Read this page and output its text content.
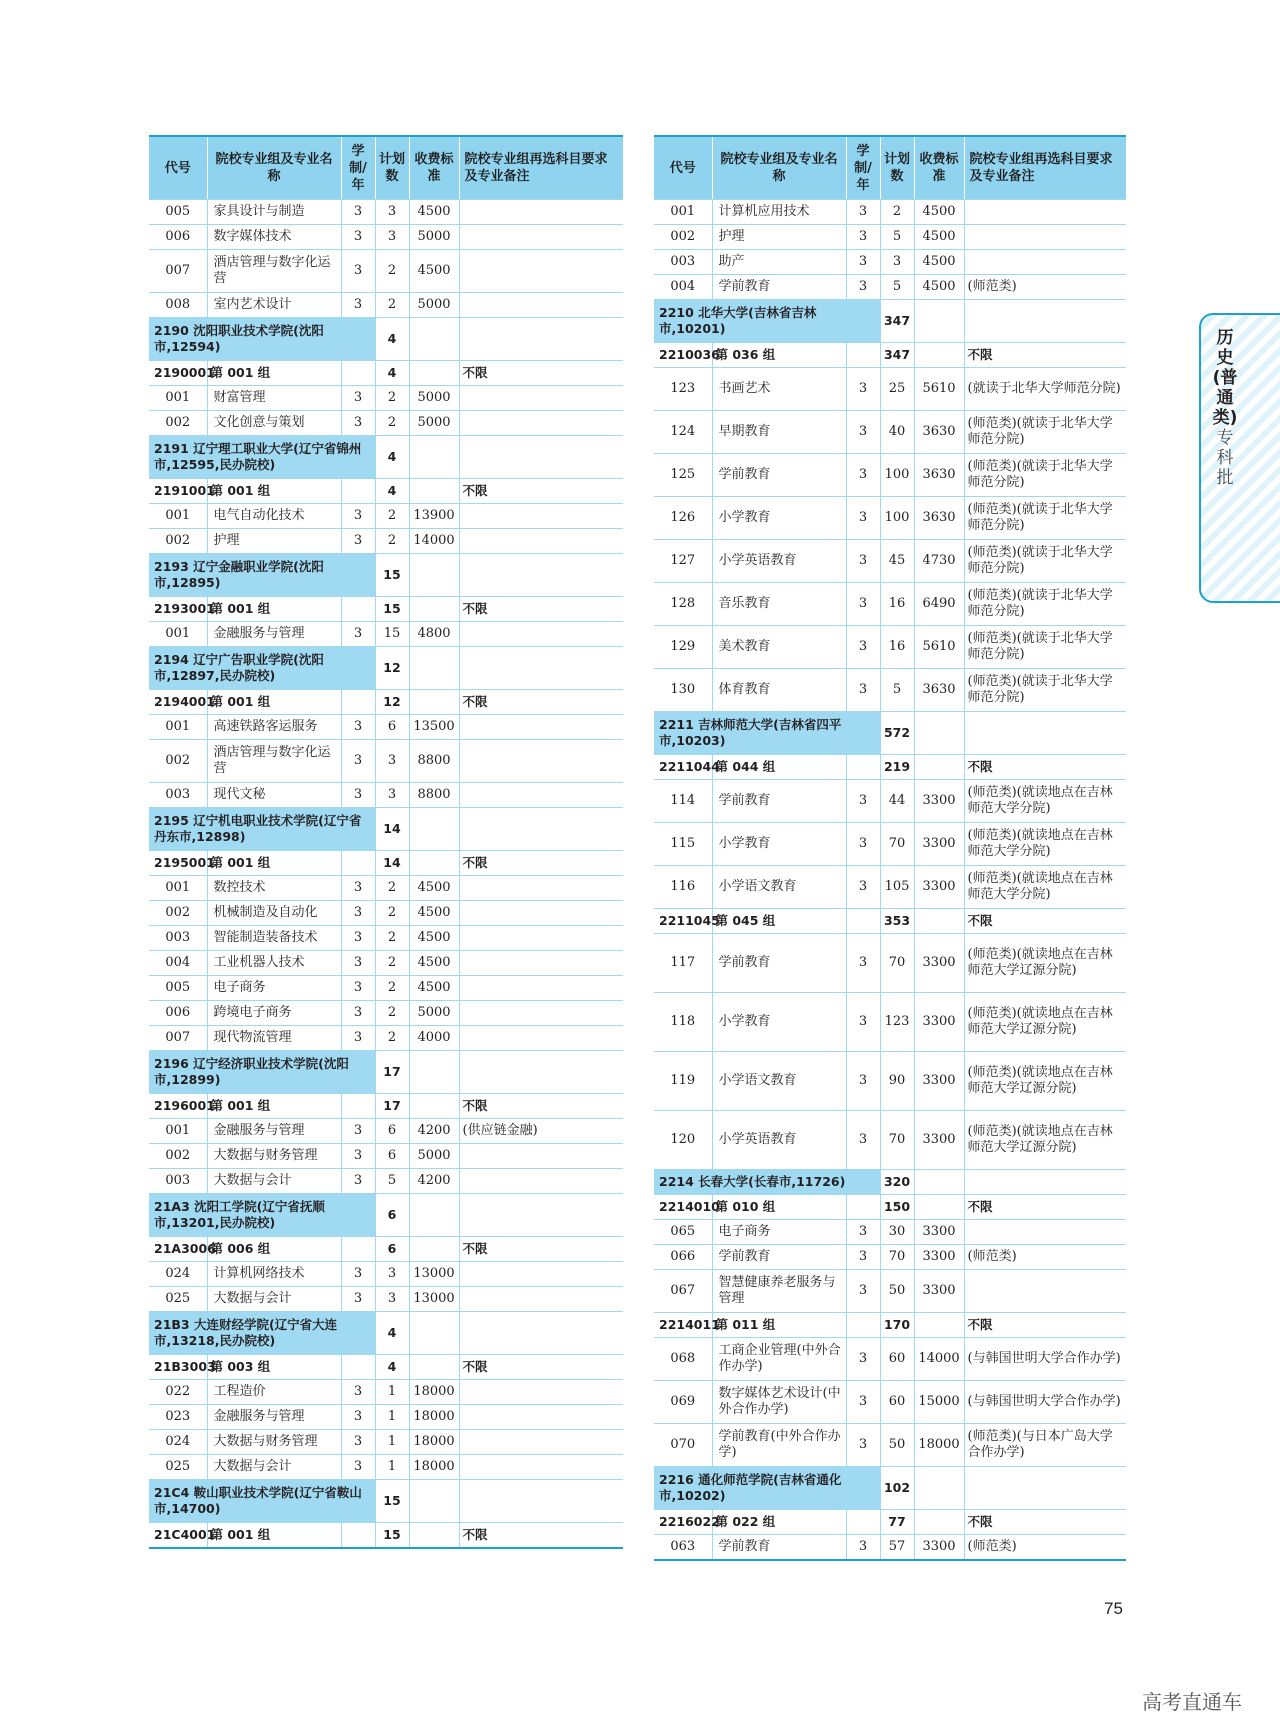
代号	院校专业组及专业名称	学制/年	计划数	收费标准	院校专业组再选科目要求及专业备注
005	家具设计与制造	3	3	4500	
006	数字媒体技术	3	3	5000	
007	酒店管理与数字化运营	3	2	4500	
008	室内艺术设计	3	2	5000	
2190 沈阳职业技术学院(沈阳市,12594)			4		
2190001	第 001 组		4		不限
001	财富管理	3	2	5000	
002	文化创意与策划	3	2	5000	
2191 辽宁理工职业大学(辽宁省锦州市,12595,民办院校)			4		
2191001	第 001 组		4		不限
001	电气自动化技术	3	2	13900	
002	护理	3	2	14000	
2193 辽宁金融职业学院(沈阳市,12895)			15		
2193001	第 001 组		15		不限
001	金融服务与管理	3	15	4800	
2194 辽宁广告职业学院(沈阳市,12897,民办院校)			12		
2194001	第 001 组		12		不限
001	高速铁路客运服务	3	6	13500	
002	酒店管理与数字化运营	3	3	8800	
003	现代文秘	3	3	8800	
2195 辽宁机电职业技术学院(辽宁省丹东市,12898)			14		
2195001	第 001 组		14		不限
001	数控技术	3	2	4500	
002	机械制造及自动化	3	2	4500	
003	智能制造装备技术	3	2	4500	
004	工业机器人技术	3	2	4500	
005	电子商务	3	2	4500	
006	跨境电子商务	3	2	5000	
007	现代物流管理	3	2	4000	
2196 辽宁经济职业技术学院(沈阳市,12899)			17		
2196001	第 001 组		17		不限
001	金融服务与管理	3	6	4200	(供应链金融)
002	大数据与财务管理	3	6	5000	
003	大数据与会计	3	5	4200	
21A3 沈阳工学院(辽宁省抚顺市,13201,民办院校)			6		
21A3006	第 006 组		6		不限
024	计算机网络技术	3	3	13000	
025	大数据与会计	3	3	13000	
21B3 大连财经学院(辽宁省大连市,13218,民办院校)			4		
21B3003	第 003 组		4		不限
022	工程造价	3	1	18000	
023	金融服务与管理	3	1	18000	
024	大数据与财务管理	3	1	18000	
025	大数据与会计	3	1	18000	
21C4 鞍山职业技术学院(辽宁省鞍山市,14700)			15		
21C4001	第 001 组		15		不限
代号	院校专业组及专业名称	学制/年	计划数	收费标准	院校专业组再选科目要求及专业备注
001	计算机应用技术	3	2	4500	
002	护理	3	5	4500	
003	助产	3	3	4500	
004	学前教育	3	5	4500	(师范类)
2210 北华大学(吉林省吉林市,10201)			347		
2210036	第 036 组		347		不限
123	书画艺术	3	25	5610	(就读于北华大学师范分院)
124	早期教育	3	40	3630	(师范类)(就读于北华大学师范分院)
125	学前教育	3	100	3630	(师范类)(就读于北华大学师范分院)
126	小学教育	3	100	3630	(师范类)(就读于北华大学师范分院)
127	小学英语教育	3	45	4730	(师范类)(就读于北华大学师范分院)
128	音乐教育	3	16	6490	(师范类)(就读于北华大学师范分院)
129	美术教育	3	16	5610	(师范类)(就读于北华大学师范分院)
130	体育教育	3	5	3630	(师范类)(就读于北华大学师范分院)
2211 吉林师范大学(吉林省四平市,10203)			572		
2211044	第 044 组		219		不限
114	学前教育	3	44	3300	(师范类)(就读地点在吉林师范大学分院)
115	小学教育	3	70	3300	(师范类)(就读地点在吉林师范大学分院)
116	小学语文教育	3	105	3300	(师范类)(就读地点在吉林师范大学分院)
2211045	第 045 组		353		不限
117	学前教育	3	70	3300	(师范类)(就读地点在吉林师范大学辽源分院)
118	小学教育	3	123	3300	(师范类)(就读地点在吉林师范大学辽源分院)
119	小学语文教育	3	90	3300	(师范类)(就读地点在吉林师范大学辽源分院)
120	小学英语教育	3	70	3300	(师范类)(就读地点在吉林师范大学辽源分院)
2214 长春大学(长春市,11726)			320		
2214010	第 010 组		150		不限
065	电子商务	3	30	3300	
066	学前教育	3	70	3300	(师范类)
067	智慧健康养老服务与管理	3	50	3300	
2214011	第 011 组		170		不限
068	工商企业管理(中外合作办学)	3	60	14000	(与韩国世明大学合作办学)
069	数字媒体艺术设计(中外合作办学)	3	60	15000	(与韩国世明大学合作办学)
070	学前教育(中外合作办学)	3	50	18000	(师范类)(与日本广岛大学合作办学)
2216 通化师范学院(吉林省通化市,10202)			102		
2216022	第 022 组		77		不限
063	学前教育	3	57	3300	(师范类)
历史(普通类)
专科批
75
高考直通车
